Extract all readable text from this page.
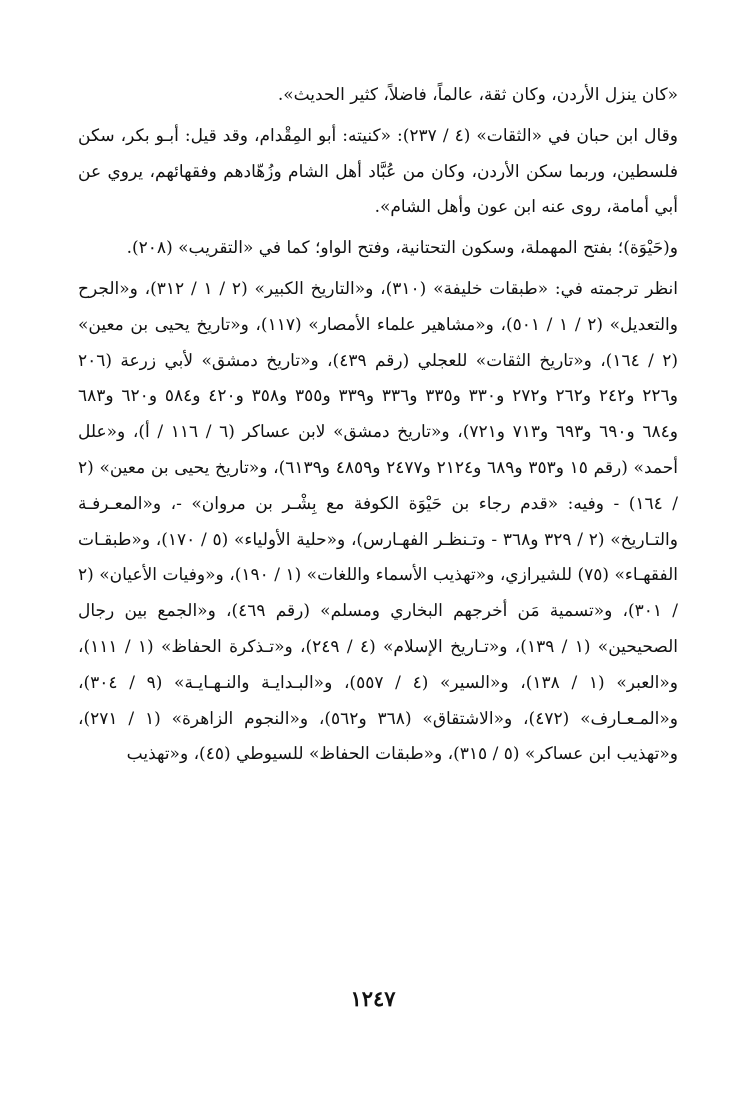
«كان ينزل الأردن، وكان ثقة، عالماً، فاضلاً، كثير الحديث».

وقال ابن حبان في «الثقات» (٤ / ٢٣٧): «كنيته: أبو المِقْدام، وقد قيل: أبـو بكر، سكن فلسطين، وربما سكن الأردن، وكان من عُبَّاد أهل الشام وزُهّادهم وفقهائهم، يروي عن أبي أمامة، روى عنه ابن عون وأهل الشام».

و(حَيْوَة)؛ بفتح المهملة، وسكون التحتانية، وفتح الواو؛ كما في «التقريب» (٢٠٨).

انظر ترجمته في: «طبقات خليفة» (٣١٠)، و«التاريخ الكبير» (٢ / ١ / ٣١٢)، و«الجرح والتعديل» (٢ / ١ / ٥٠١)، و«مشاهير علماء الأمصار» (١١٧)، و«تاريخ يحيى بن معين» (٢ / ١٦٤)، و«تاريخ الثقات» للعجلي (رقم ٤٣٩)، و«تاريخ دمشق» لأبي زرعة (٢٠٦ و٢٢٦ و٢٤٢ و٢٦٢ و٢٧٢ و٣٣٠ و٣٣٥ و٣٣٦ و٣٣٩ و٣٥٥ و٣٥٨ و٤٢٠ و٥٨٤ و٦٢٠ و٦٨٣ و٦٨٤ و٦٩٠ و٦٩٣ و٧١٣ و٧٢١)، و«تاريخ دمشق» لابن عساكر (٦ / ١١٦ / أ)، و«علل أحمد» (رقم ١٥ و٣٥٣ و٦٨٩ و٢١٢٤ و٢٤٧٧ و٤٨٥٩ و٦١٣٩)، و«تاريخ يحيى بن معين» (٢ / ١٦٤) - وفيه: «قدم رجاء بن حَيْوَة الكوفة مع بِشْـر بن مروان» -، و«المعـرفـة والتـاريخ» (٢ / ٣٢٩ و٣٦٨ - وتـنظـر الفهـارس)، و«حلية الأولياء» (٥ / ١٧٠)، و«طبقـات الفقهـاء» (٧٥) للشيرازي، و«تهذيب الأسماء واللغات» (١ / ١٩٠)، و«وفيات الأعيان» (٢ / ٣٠١)، و«تسمية مَن أخرجهم البخاري ومسلم» (رقم ٤٦٩)، و«الجمع بين رجال الصحيحين» (١ / ١٣٩)، و«تـاريخ الإسلام» (٤ / ٢٤٩)، و«تـذكرة الحفاظ» (١ / ١١١)، و«العبر» (١ / ١٣٨)، و«السير» (٤ / ٥٥٧)، و«البـدايـة والنـهـايـة» (٩ / ٣٠٤)، و«المـعـارف» (٤٧٢)، و«الاشتقاق» (٣٦٨ و٥٦٢)، و«النجوم الزاهرة» (١ / ٢٧١)، و«تهذيب ابن عساكر» (٥ / ٣١٥)، و«طبقات الحفاظ» للسيوطي (٤٥)، و«تهذيب

١٢٤٧
